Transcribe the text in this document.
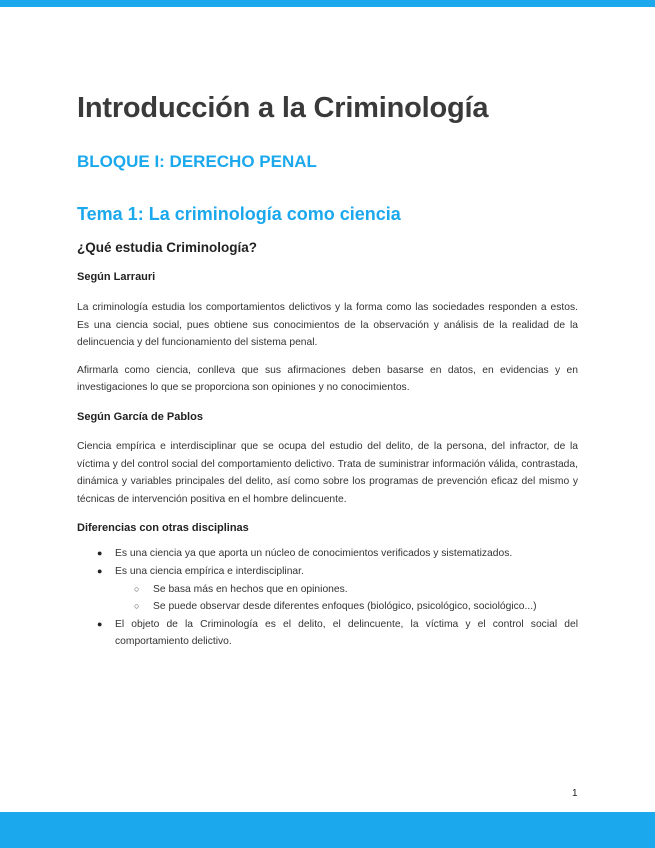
Introducción a la Criminología
BLOQUE I: DERECHO PENAL
Tema 1: La criminología como ciencia
¿Qué estudia Criminología?
Según Larrauri

La criminología estudia los comportamientos delictivos y la forma como las sociedades responden a estos. Es una ciencia social, pues obtiene sus conocimientos de la observación y análisis de la realidad de la delincuencia y del funcionamiento del sistema penal.

Afirmarla como ciencia, conlleva que sus afirmaciones deben basarse en datos, en evidencias y en investigaciones lo que se proporciona son opiniones y no conocimientos.

Según García de Pablos

Ciencia empírica e interdisciplinar que se ocupa del estudio del delito, de la persona, del infractor, de la víctima y del control social del comportamiento delictivo. Trata de suministrar información válida, contrastada, dinámica y variables principales del delito, así como sobre los programas de prevención eficaz del mismo y técnicas de intervención positiva en el hombre delincuente.

Diferencias con otras disciplinas
● Es una ciencia ya que aporta un núcleo de conocimientos verificados y sistematizados.
● Es una ciencia empírica e interdisciplinar.
○ Se basa más en hechos que en opiniones.
○ Se puede observar desde diferentes enfoques (biológico, psicológico, sociológico...)
● El objeto de la Criminología es el delito, el delincuente, la víctima y el control social del comportamiento delictivo.
1
